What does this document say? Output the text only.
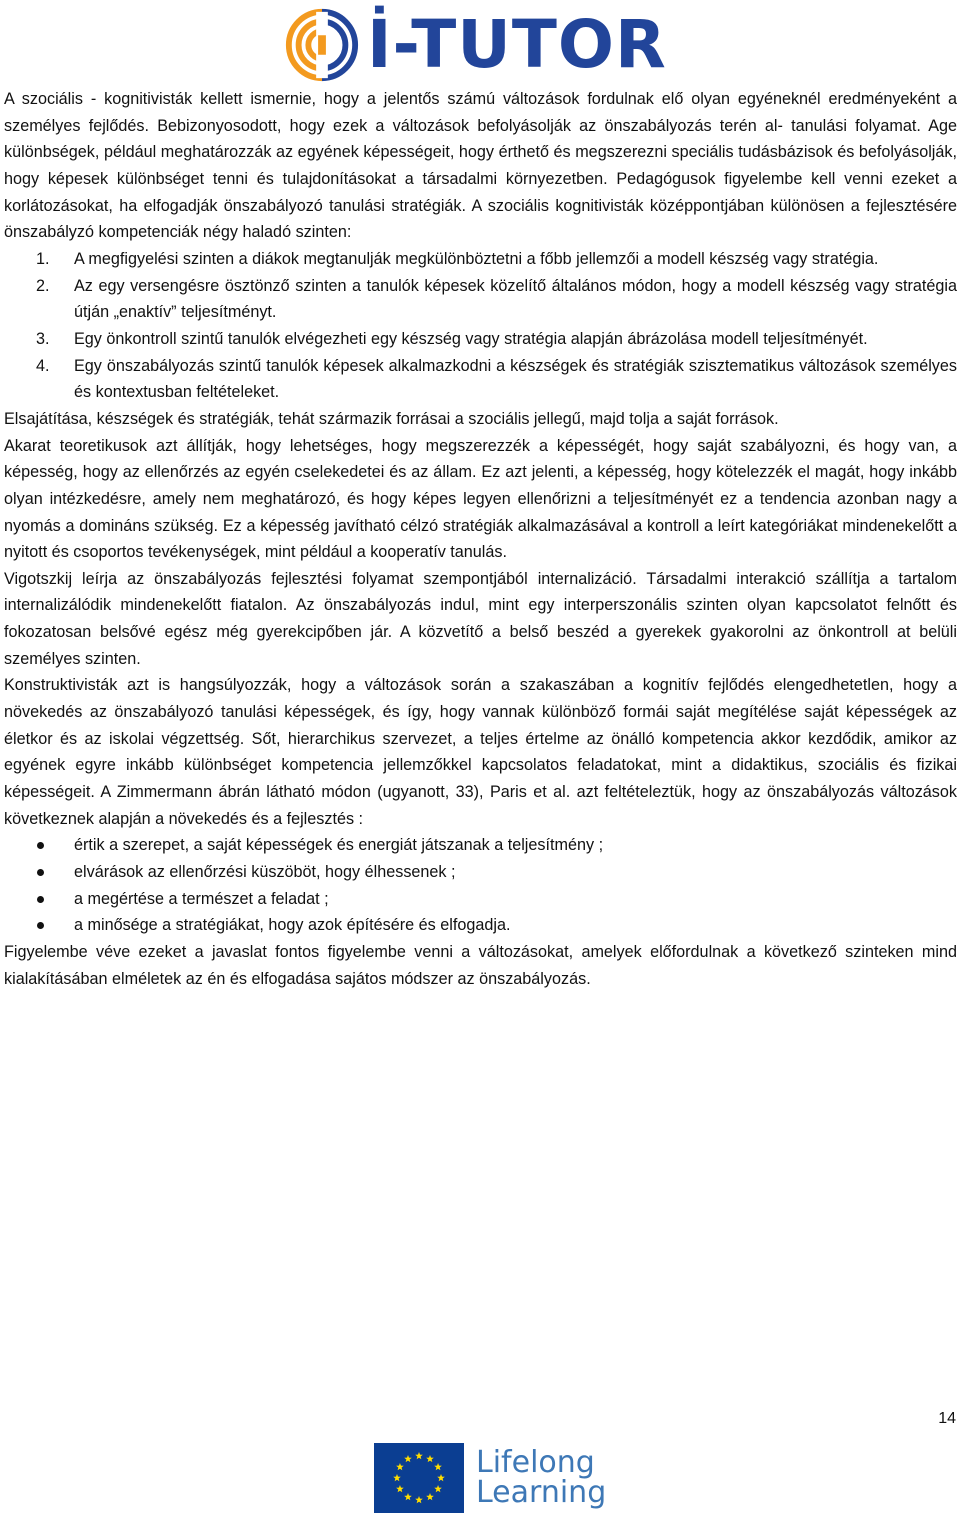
İ-TUTOR

A szociális - kognitivisták kellett ismernie, hogy a jelentős számú változások fordulnak elő olyan egyéneknél eredményeként a személyes fejlődés. Bebizonyosodott, hogy ezek a változások befolyásolják az önszabályozás terén al- tanulási folyamat. Age különbségek, például meghatározzák az egyének képességeit, hogy érthető és megszerezni speciális tudásbázisok és befolyásolják, hogy képesek különbséget tenni és tulajdonításokat a társadalmi környezetben. Pedagógusok figyelembe kell venni ezeket a korlátozásokat, ha elfogadják önszabályozó tanulási stratégiák. A szociális kognitivisták középpontjában különösen a fejlesztésére önszabályzó kompetenciák négy haladó szinten:

1. A megfigyelési szinten a diákok megtanulják megkülönböztetni a főbb jellemzői a modell készség vagy stratégia.
2. Az egy versengésre ösztönző szinten a tanulók képesek közelítő általános módon, hogy a modell készség vagy stratégia útján „enaktív” teljesítményt.
3. Egy önkontroll szintű tanulók elvégezheti egy készség vagy stratégia alapján ábrázolása modell teljesítményét.
4. Egy önszabályozás szintű tanulók képesek alkalmazkodni a készségek és stratégiák szisztematikus változások személyes és kontextusban feltételeket.

Elsajátítása, készségek és stratégiák, tehát származik forrásai a szociális jellegű, majd tolja a saját források.

Akarat teoretikusok azt állítják, hogy lehetséges, hogy megszerezzék a képességét, hogy saját szabályozni, és hogy van, a képesség, hogy az ellenőrzés az egyén cselekedetei és az állam. Ez azt jelenti, a képesség, hogy kötelezzék el magát, hogy inkább olyan intézkedésre, amely nem meghatározó, és hogy képes legyen ellenőrizni a teljesítményét ez a tendencia azonban nagy a nyomás a domináns szükség. Ez a képesség javítható célzó stratégiák alkalmazásával a kontroll a leírt kategóriákat mindenekelőtt a nyitott és csoportos tevékenységek, mint például a kooperatív tanulás.

Vigotszkij leírja az önszabályozás fejlesztési folyamat szempontjából internalizáció. Társadalmi interakció szállítja a tartalom internalizálódik mindenekelőtt fiatalon. Az önszabályozás indul, mint egy interperszonális szinten olyan kapcsolatot felnőtt és fokozatosan belsővé egész még gyerekcipőben jár. A közvetítő a belső beszéd a gyerekek gyakorolni az önkontroll at belüli személyes szinten.

Konstruktivisták azt is hangsúlyozzák, hogy a változások során a szakaszában a kognitív fejlődés elengedhetetlen, hogy a növekedés az önszabályozó tanulási képességek, és így, hogy vannak különböző formái saját megítélése saját képességek az életkor és az iskolai végzettség. Sőt, hierarchikus szervezet, a teljes értelme az önálló kompetencia akkor kezdődik, amikor az egyének egyre inkább különbséget kompetencia jellemzőkkel kapcsolatos feladatokat, mint a didaktikus, szociális és fizikai képességeit. A Zimmermann ábrán látható módon (ugyanott, 33), Paris et al. azt feltételeztük, hogy az önszabályozás változások következnek alapján a növekedés és a fejlesztés :

értik a szerepet, a saját képességek és energiát játszanak a teljesítmény ;
elvárások az ellenőrzési küszöböt, hogy élhessenek ;
a megértése a természet a feladat ;
a minősége a stratégiákat, hogy azok építésére és elfogadja.

Figyelembe véve ezeket a javaslat fontos figyelembe venni a változásokat, amelyek előfordulnak a következő szinteken mind kialakításában elméletek az én és elfogadása sajátos módszer az önszabályozás.

14
Lifelong
Learning
